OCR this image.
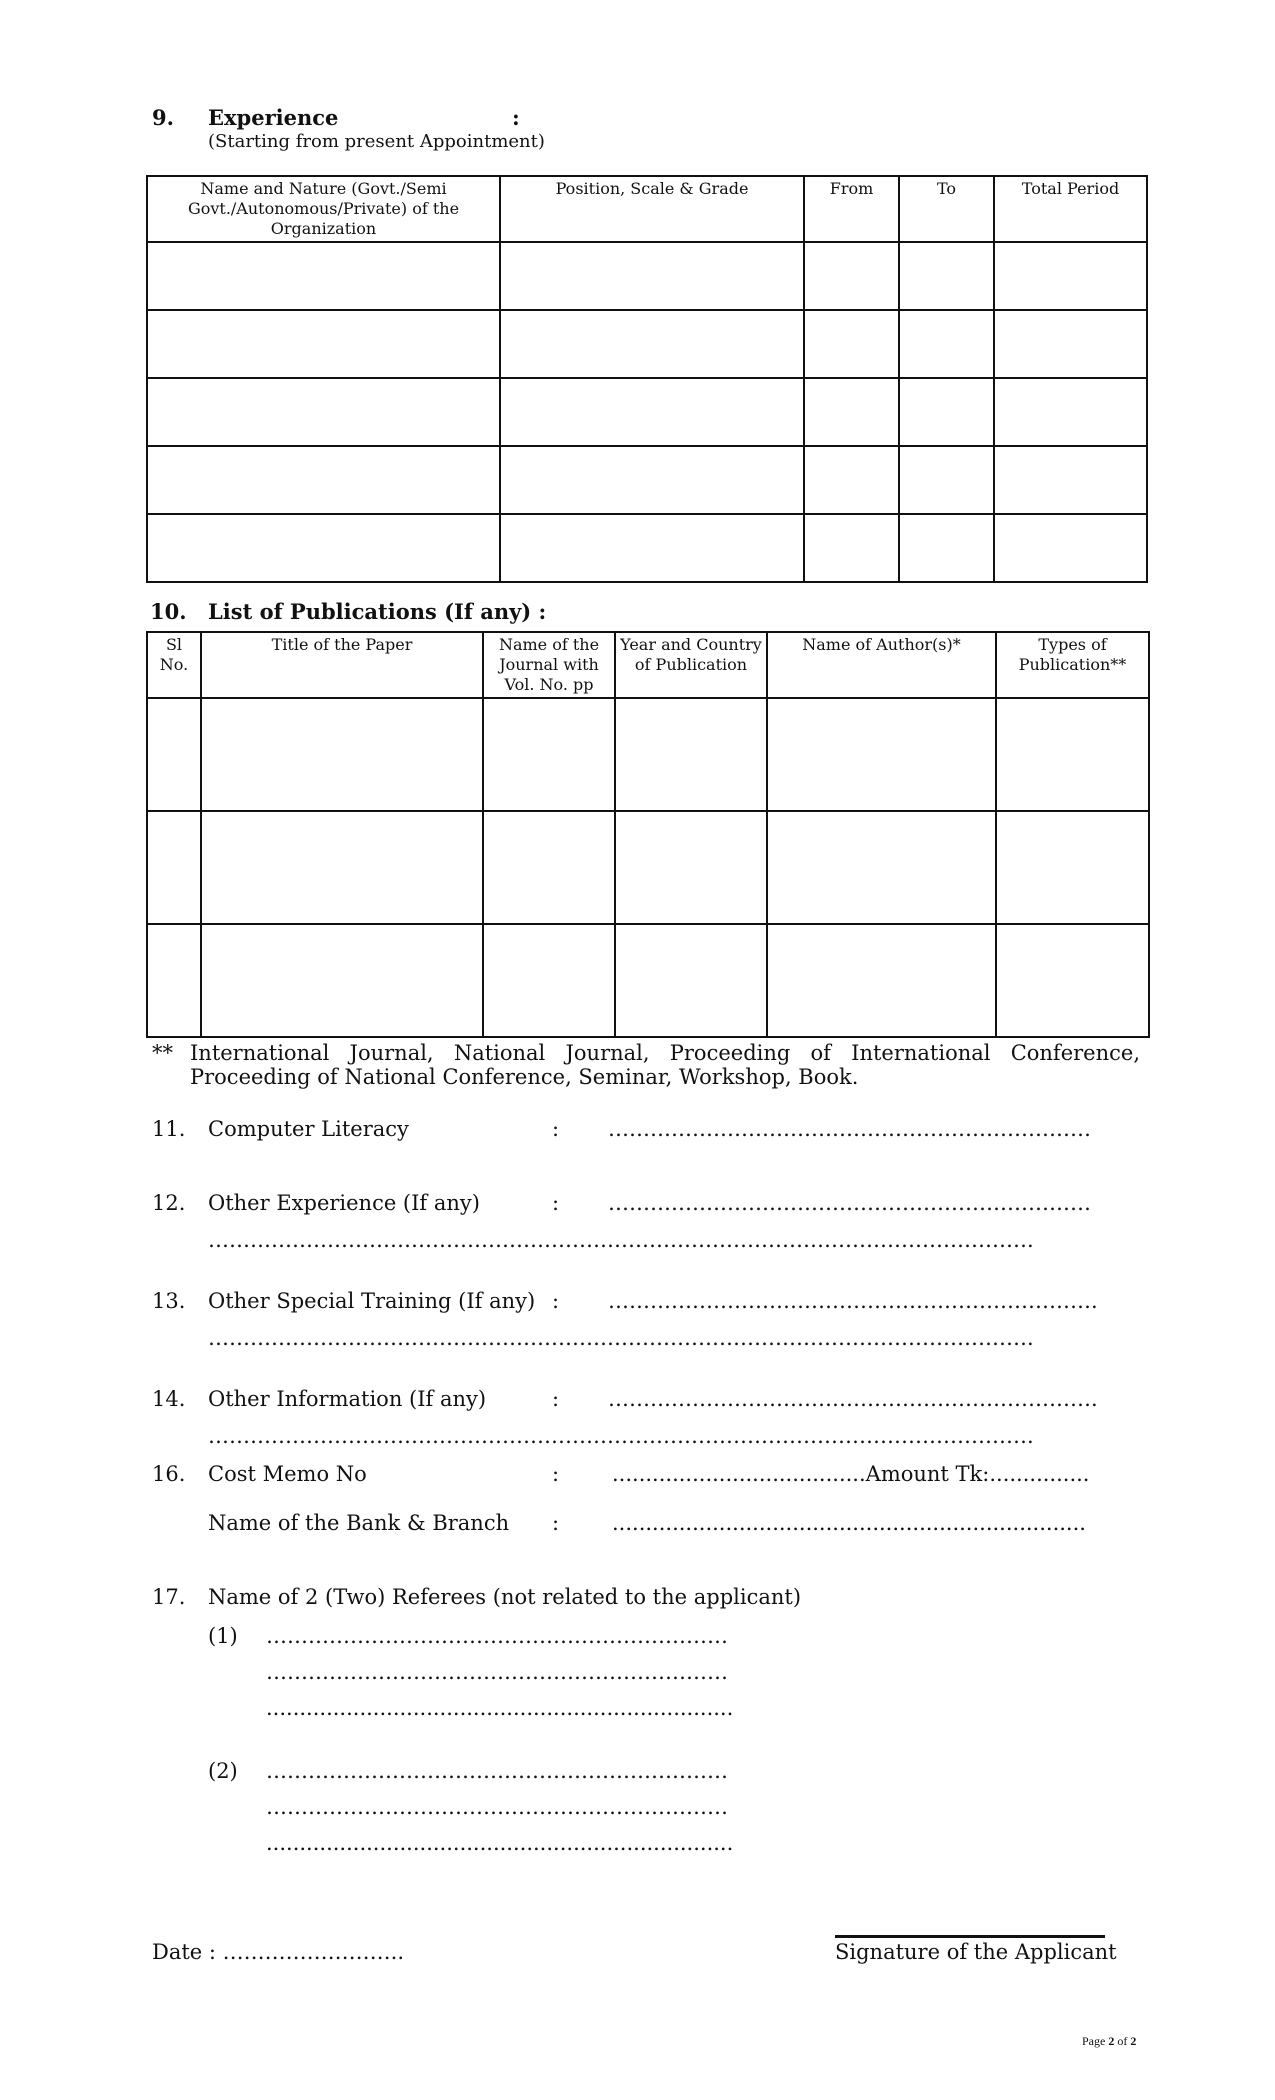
9. Experience	:
(Starting from present Appointment)
Name and Nature (Govt./Semi Govt./Autonomous/Private) of the Organization	Position, Scale & Grade	From	To	Total Period

10. List of Publications (If any) :
Sl No.	Title of the Paper	Name of the Journal with Vol. No. pp	Year and Country of Publication	Name of Author(s)*	Types of Publication**

** International Journal, National Journal, Proceeding of International Conference,
Proceeding of National Conference, Seminar, Workshop, Book.
11. Computer Literacy	: ……………………………………………………………
12. Other Experience (If any)	: ……………………………………………………………
……………………………………………………………………………………………………….
13. Other Special Training (If any) : …………………………………………………………….
……………………………………………………………………………………………………….
14. Other Information (If any)	: …………………………………………………………….
……………………………………………………………………………………………………….
16. Cost Memo No	:	......................................Amount Tk:...............
Name of the Bank & Branch :	.......................................................................
17. Name of 2 (Two) Referees (not related to the applicant)
(1) …………………………………………………………
…………………………………………………………
......................................................................
(2) …………………………………………………………
…………………………………………………………
......................................................................
Date : ……………………..	Signature of the Applicant
Page 2 of 2
